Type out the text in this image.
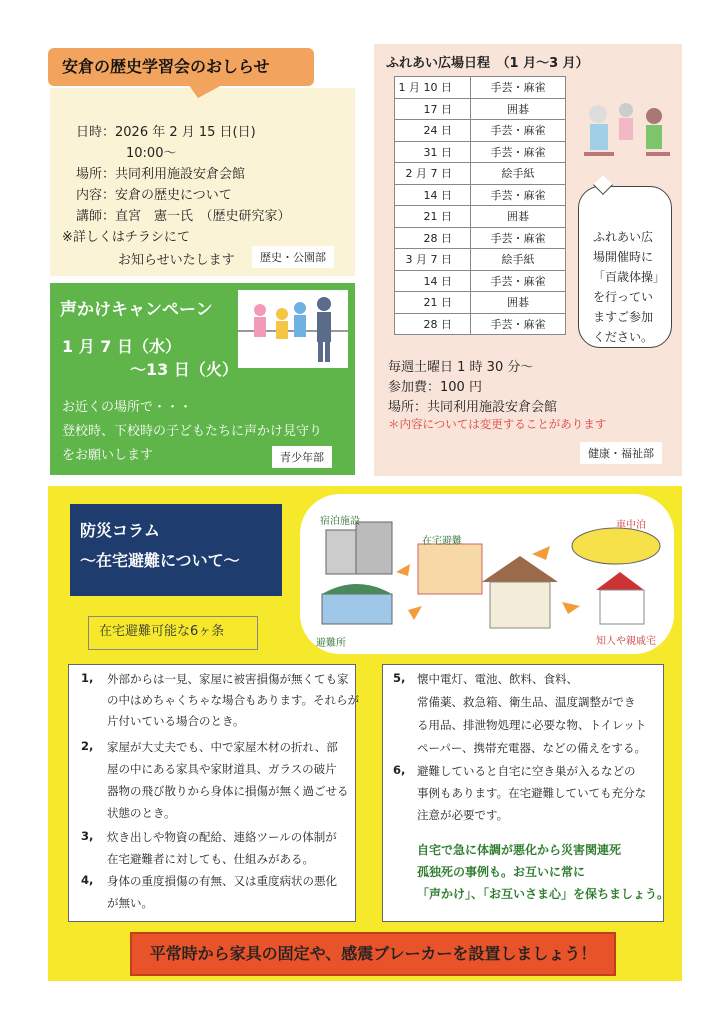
安倉の歴史学習会のおしらせ
日時：2026 年 2 月 15 日(日)
10:00～
場所：共同利用施設安倉会館
内容：安倉の歴史について
講師：直宮　憲一氏　（歴史研究家）
※詳しくはチラシにて
お知らせいたします	歴史・公園部
声かけキャンペーン
1 月 7 日（水）
～13 日（火）
お近くの場所で・・・
登校時、下校時の子どもたちに声かけ見守り
をお願いします	青少年部
ふれあい広場日程　（1 月～3 月）
1 月 10 日	手芸・麻雀
17 日	囲碁
24 日	手芸・麻雀
31 日	手芸・麻雀
2 月 7 日	絵手紙
14 日	手芸・麻雀
21 日	囲碁
28 日	手芸・麻雀
3 月 7 日	絵手紙
14 日	手芸・麻雀
21 日	囲碁
28 日	手芸・麻雀
ふれあい広
場開催時に
「百歳体操」
を行ってい
ますご参加
ください。
毎週土曜日 1 時 30 分～
参加費：100 円
場所：共同利用施設安倉会館
＊内容については変更することがあります
健康・福祉部
防災コラム
～在宅避難について～
宿泊施設
在宅避難
車中泊
避難所	知人や親戚宅
在宅避難可能な6ヶ条
1, 外部からは一見、家屋に被害損傷が無くても家
の中はめちゃくちゃな場合もあります。それらが
片付いている場合のとき。
2, 家屋が大丈夫でも、中で家屋木材の折れ、部
屋の中にある家具や家財道具、ガラスの破片
器物の飛び散りから身体に損傷が無く過ごせる
状態のとき。
3, 炊き出しや物資の配給、連絡ツールの体制が
在宅避難者に対しても、仕組みがある。
4, 身体の重度損傷の有無、又は重度病状の悪化
が無い。
5, 懐中電灯、電池、飲料、食料、
常備薬、救急箱、衛生品、温度調整ができ
る用品、排泄物処理に必要な物、トイレット
ペーパー、携帯充電器、などの備えをする。
6, 避難していると自宅に空き巣が入るなどの
事例もあります。在宅避難していても充分な
注意が必要です。
自宅で急に体調が悪化から災害関連死
孤独死の事例も。お互いに常に
「声かけ」、「お互いさま心」を保ちましょう。
平常時から家具の固定や、感震ブレーカーを設置しましょう！
